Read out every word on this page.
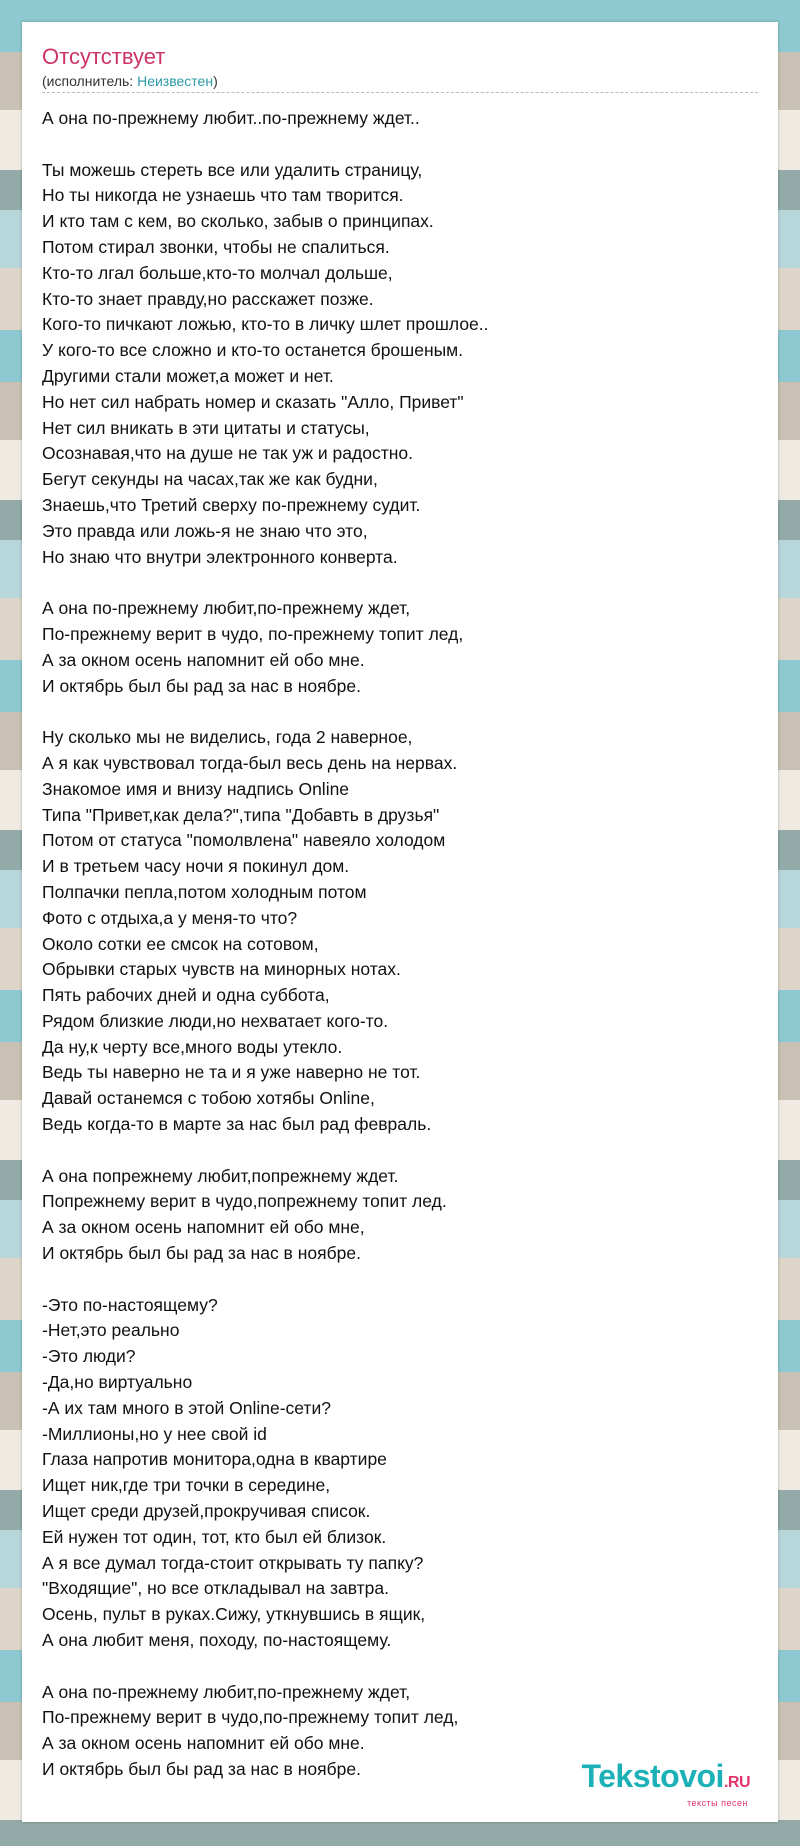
Отсутствует
(исполнитель: Неизвестен)
А она по-прежнему любит..по-прежнему ждет..

Ты можешь стереть все или удалить страницу,
Но ты никогда не узнаешь что там творится.
И кто там с кем, во сколько, забыв о принципах.
Потом стирал звонки, чтобы не спалиться.
Кто-то лгал больше,кто-то молчал дольше,
Кто-то знает правду,но расскажет позже.
Кого-то пичкают ложью, кто-то в личку шлет прошлое..
У кого-то все сложно и кто-то останется брошеным.
Другими стали может,а может и нет.
Но нет сил набрать номер и сказать "Алло, Привет"
Нет сил вникать в эти цитаты и статусы,
Осознавая,что на душе не так уж и радостно.
Бегут секунды на часах,так же как будни,
Знаешь,что Третий сверху по-прежнему судит.
Это правда или ложь-я не знаю что это,
Но знаю что внутри электронного конверта.

А она по-прежнему любит,по-прежнему ждет,
По-прежнему верит в чудо, по-прежнему топит лед,
А за окном осень напомнит ей обо мне.
И октябрь был бы рад за нас в ноябре.

Ну сколько мы не виделись, года 2 наверное,
А я как чувствовал тогда-был весь день на нервах.
Знакомое имя и внизу надпись Online
Типа "Привет,как дела?",типа "Добавть в друзья"
Потом от статуса "помолвлена" навеяло холодом
И в третьем часу ночи я покинул дом.
Полпачки пепла,потом холодным потом
Фото с отдыха,а у меня-то что?
Около сотки ее смсок на сотовом,
Обрывки старых чувств на минорных нотах.
Пять рабочих дней и одна суббота,
Рядом близкие люди,но нехватает кого-то.
Да ну,к черту все,много воды утекло.
Ведь ты наверно не та и я уже наверно не тот.
Давай останемся с тобою хотябы Online,
Ведь когда-то в марте за нас был рад февраль.

А она попрежнему любит,попрежнему ждет.
Попрежнему верит в чудо,попрежнему топит лед.
А за окном осень напомнит ей обо мне,
И октябрь был бы рад за нас в ноябре.

-Это по-настоящему?
-Нет,это реально
-Это люди?
-Да,но виртуально
-А их там много в этой Online-сети?
-Миллионы,но у нее свой id
Глаза напротив монитора,одна в квартире
Ищет ник,где три точки в середине,
Ищет среди друзей,прокручивая список.
Ей нужен тот один, тот, кто был ей близок.
А я все думал тогда-стоит открывать ту папку?
"Входящие", но все откладывал на завтра.
Осень, пульт в руках.Сижу, уткнувшись в ящик,
А она любит меня, походу, по-настоящему.

А она по-прежнему любит,по-прежнему ждет,
По-прежнему верит в чудо,по-прежнему топит лед,
А за окном осень напомнит ей обо мне.
И октябрь был бы рад за нас в ноябре.	Tekstovoi.RU
тексты песен
